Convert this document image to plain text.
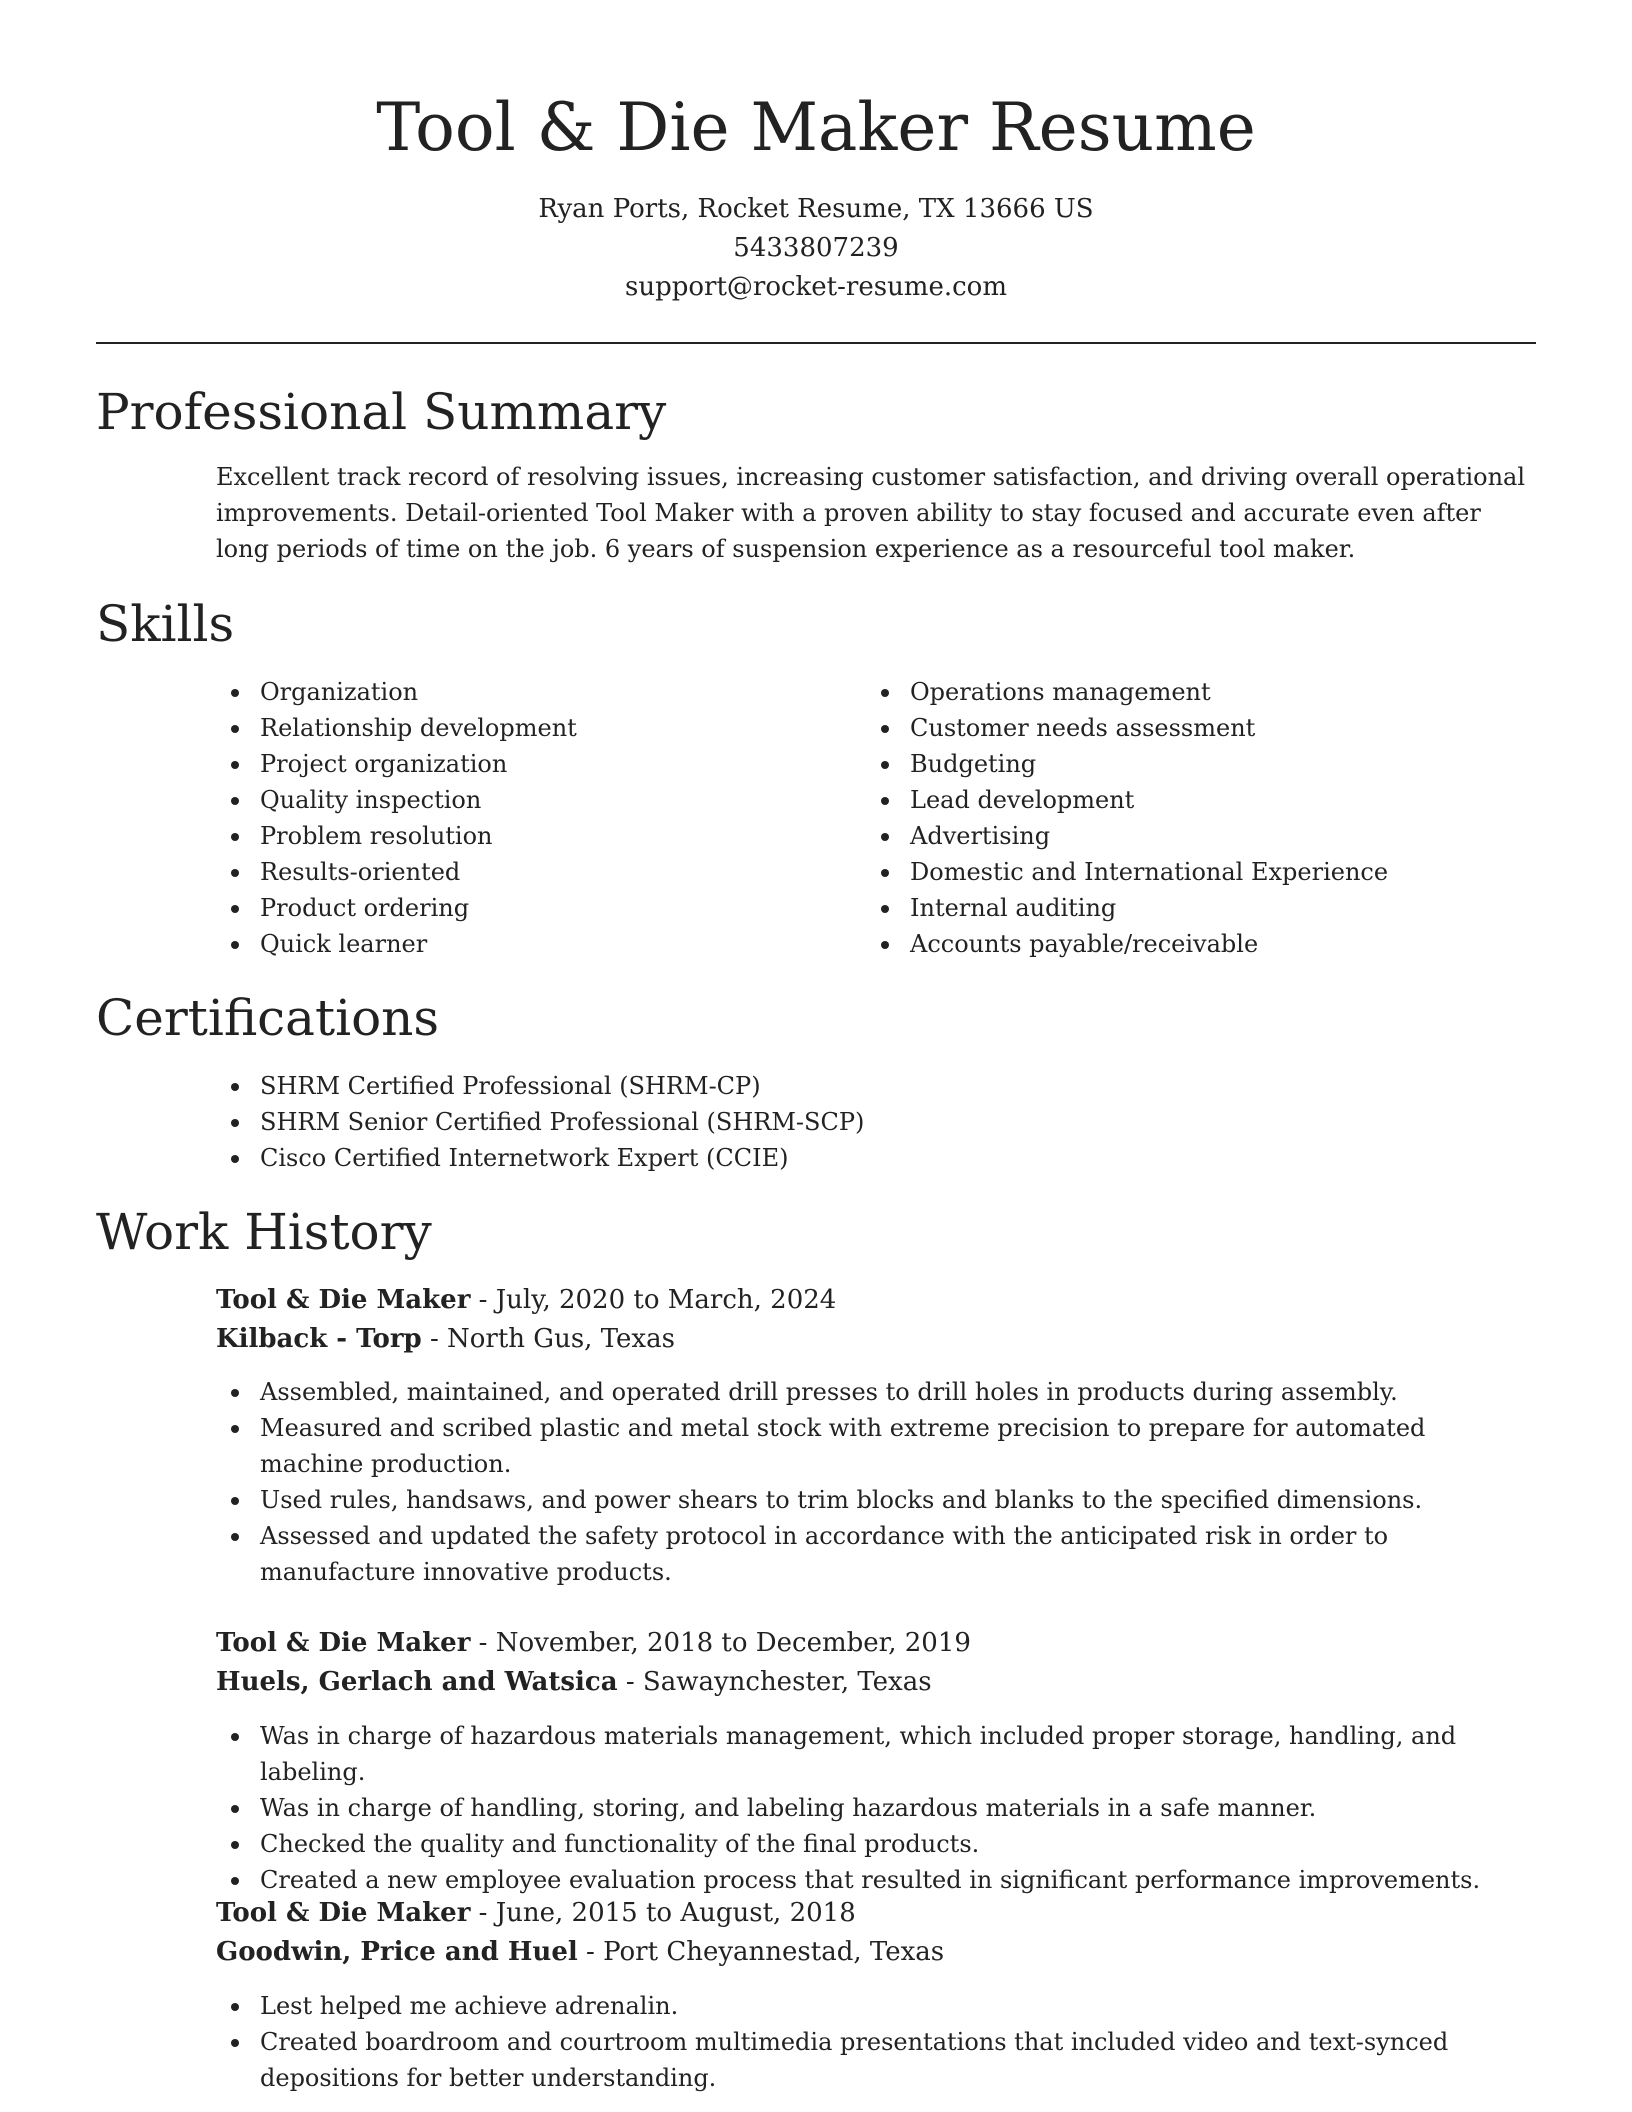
Tool & Die Maker Resume
Ryan Ports, Rocket Resume, TX 13666 US
5433807239
support@rocket-resume.com
Professional Summary

Excellent track record of resolving issues, increasing customer satisfaction, and driving overall operational improvements. Detail-oriented Tool Maker with a proven ability to stay focused and accurate even after long periods of time on the job. 6 years of suspension experience as a resourceful tool maker.

Skills
Organization
Relationship development
Project organization
Quality inspection
Problem resolution
Results-oriented
Product ordering
Quick learner
Operations management
Customer needs assessment
Budgeting
Lead development
Advertising
Domestic and International Experience
Internal auditing
Accounts payable/receivable
Certifications
SHRM Certified Professional (SHRM-CP)
SHRM Senior Certified Professional (SHRM-SCP)
Cisco Certified Internetwork Expert (CCIE)
Work History
Tool & Die Maker - July, 2020 to March, 2024
Kilback - Torp - North Gus, Texas
Assembled, maintained, and operated drill presses to drill holes in products during assembly.
Measured and scribed plastic and metal stock with extreme precision to prepare for automated machine production.
Used rules, handsaws, and power shears to trim blocks and blanks to the specified dimensions.
Assessed and updated the safety protocol in accordance with the anticipated risk in order to manufacture innovative products.
Tool & Die Maker - November, 2018 to December, 2019
Huels, Gerlach and Watsica - Sawaynchester, Texas
Was in charge of hazardous materials management, which included proper storage, handling, and labeling.
Was in charge of handling, storing, and labeling hazardous materials in a safe manner.
Checked the quality and functionality of the final products.
Created a new employee evaluation process that resulted in significant performance improvements.
Tool & Die Maker - June, 2015 to August, 2018
Goodwin, Price and Huel - Port Cheyannestad, Texas
Lest helped me achieve adrenalin.
Created boardroom and courtroom multimedia presentations that included video and text-synced depositions for better understanding.
